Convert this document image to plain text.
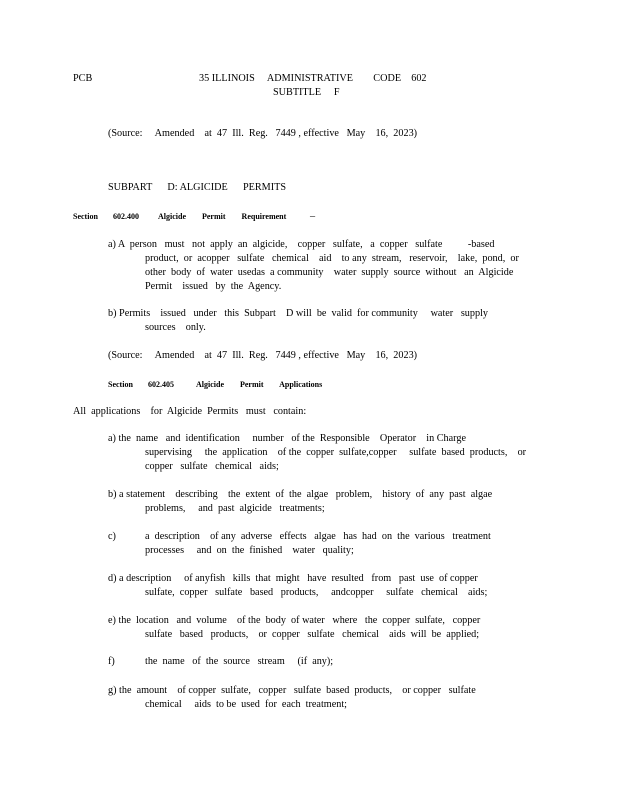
PCB	35 ILLINOIS     ADMINISTRATIVE        CODE    602
SUBTITLE     F
(Source:     Amended    at  47  Ill.  Reg.   7449 , effective   May    16,  2023)
SUBPART      D: ALGICIDE      PERMITS
Section 602.400 Algicide        Permit        Requirement –
a) A  person   must   not  apply  an  algicide,    copper   sulfate,   a  copper   sulfate          -based
product,  or  acopper   sulfate   chemical    aid    to any  stream,   reservoir,    lake,  pond,  or
other  body  of  water  usedas  a community    water  supply  source  without   an  Algicide
Permit    issued   by  the  Agency.
b) Permits    issued   under   this  Subpart    D will  be  valid  for community     water   supply
sources    only.
(Source:     Amended    at  47  Ill.  Reg.   7449 , effective   May    16,  2023)
Section 602.405	Algicide        Permit        Applications
All  applications    for  Algicide  Permits   must   contain:
a) the  name   and  identification     number   of the  Responsible    Operator    in Charge
supervising     the  application    of the  copper  sulfate,copper     sulfate  based  products,    or
copper   sulfate   chemical   aids;
b) a statement    describing    the  extent  of  the  algae   problem,    history  of  any  past  algae
problems,     and  past  algicide   treatments;
c)	a  description    of any  adverse   effects   algae   has  had  on  the  various   treatment
processes     and  on  the  finished    water   quality;
d) a description     of anyfish   kills  that  might   have  resulted   from   past  use  of copper
sulfate,  copper   sulfate   based   products,     andcopper     sulfate   chemical    aids;
e) the  location   and  volume    of the  body  of water   where   the  copper  sulfate,   copper
sulfate   based   products,    or  copper   sulfate   chemical    aids  will  be  applied;
f)	the  name   of  the  source   stream     (if  any);
g) the  amount    of copper  sulfate,   copper   sulfate  based  products,    or copper   sulfate
chemical     aids  to be  used  for  each  treatment;
